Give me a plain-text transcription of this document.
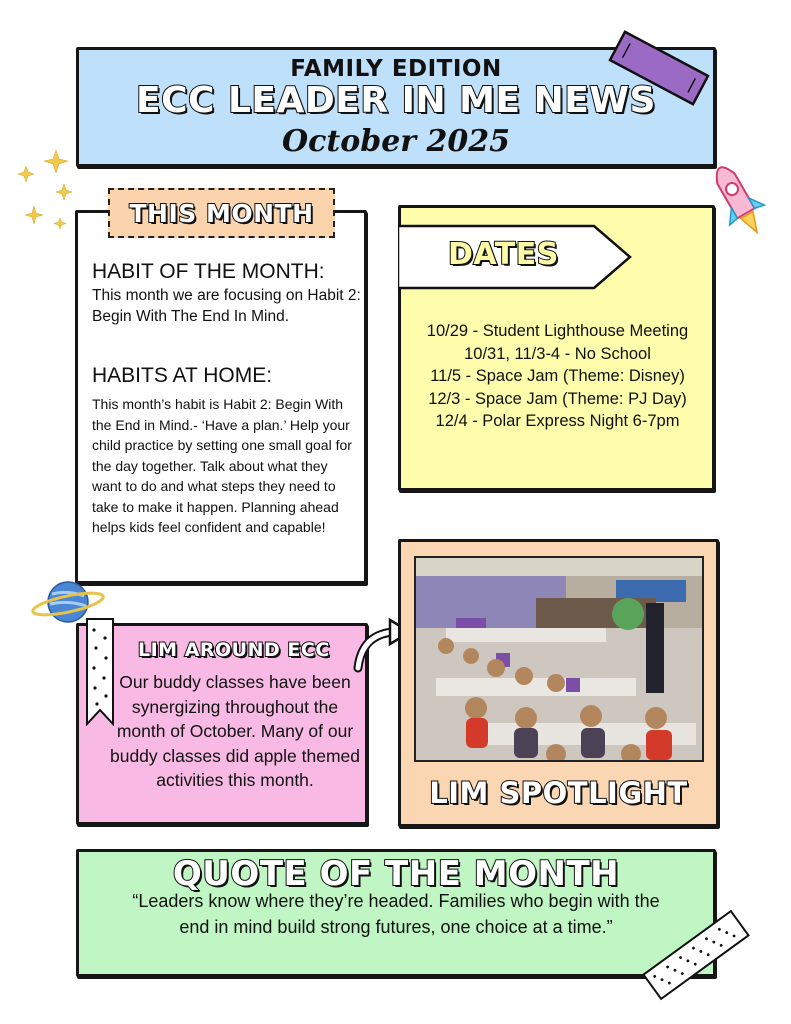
FAMILY EDITION
ECC LEADER IN ME NEWS
October 2025
THIS MONTH
HABIT OF THE MONTH:
This month we are focusing on Habit 2: Begin With The End In Mind.
HABITS AT HOME:
This month’s habit is Habit 2: Begin With the End in Mind.- ‘Have a plan.’ Help your child practice by setting one small goal for the day together. Talk about what they want to do and what steps they need to take to make it happen. Planning ahead helps kids feel confident and capable!
DATES
10/29 - Student Lighthouse Meeting
10/31, 11/3-4 - No School
11/5 - Space Jam (Theme: Disney)
12/3 - Space Jam (Theme: PJ Day)
12/4 - Polar Express Night 6-7pm
LIM AROUND ECC
Our buddy classes have been synergizing throughout the month of October. Many of our buddy classes did apple themed activities this month.	LIM SPOTLIGHT
QUOTE OF THE MONTH
“Leaders know where they’re headed. Families who begin with the end in mind build strong futures, one choice at a time.”
